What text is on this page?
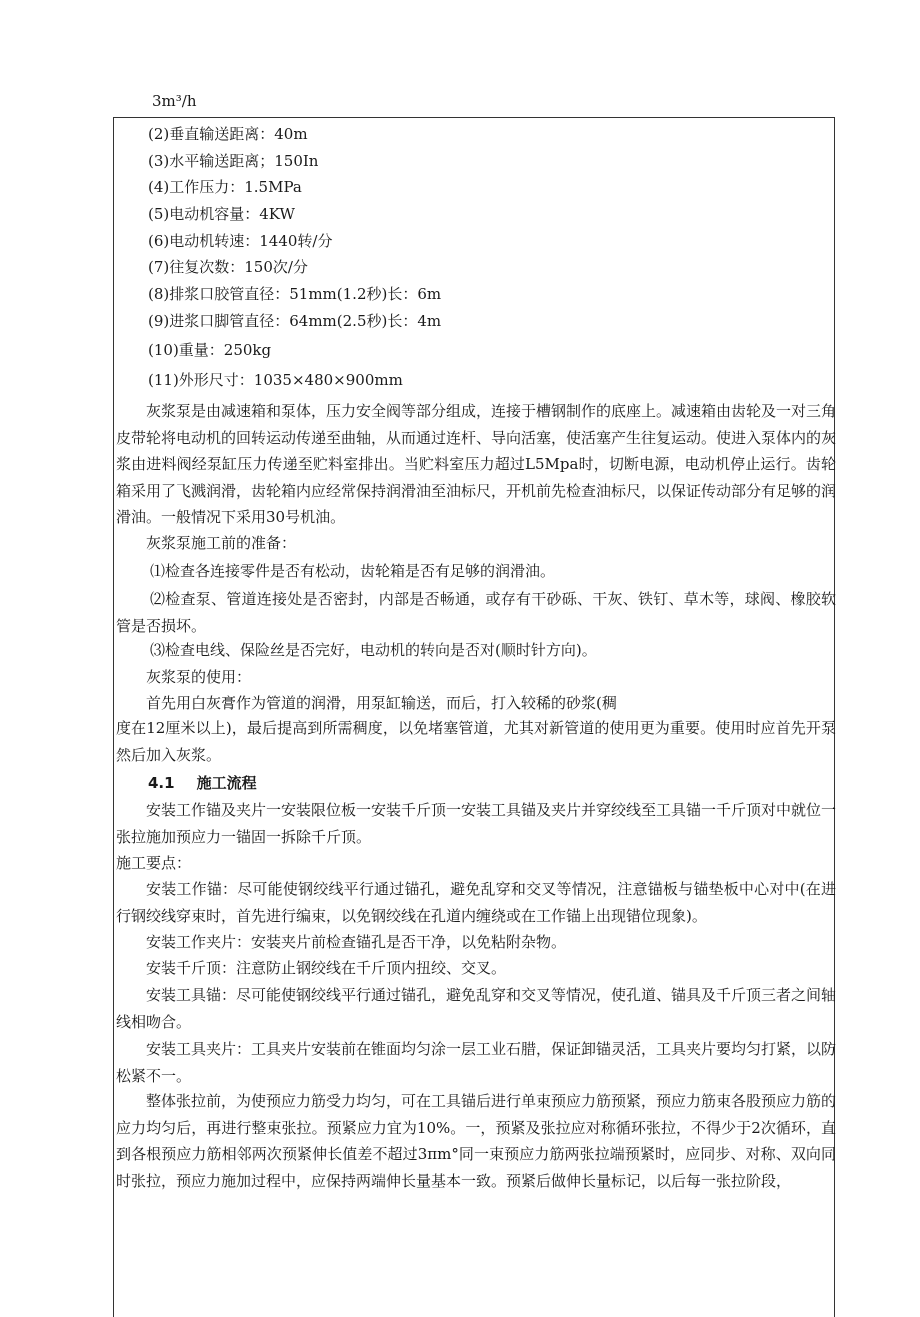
3m³/h
(2)垂直输送距离：40m
(3)水平输送距离；150In
(4)工作压力：1.5MPa
(5)电动机容量：4KW
(6)电动机转速：1440转/分
(7)往复次数：150次/分
(8)排浆口胶管直径：51mm(1.2秒)长：6m
(9)进浆口脚管直径：64mm(2.5秒)长：4m
(10)重量：250kg
(11)外形尺寸：1035×480×900mm
灰浆泵是由减速箱和泵体，压力安全阀等部分组成，连接于槽钢制作的底座上。减速箱由齿轮及一对三角皮带轮将电动机的回转运动传递至曲轴，从而通过连杆、导向活塞，使活塞产生往复运动。使进入泵体内的灰浆由进料阀经泵缸压力传递至贮料室排出。当贮料室压力超过L5Mpa时，切断电源，电动机停止运行。齿轮箱采用了飞溅润滑，齿轮箱内应经常保持润滑油至油标尺，开机前先检查油标尺，以保证传动部分有足够的润滑油。一般情况下采用30号机油。
灰浆泵施工前的准备：
⑴检查各连接零件是否有松动，齿轮箱是否有足够的润滑油。
⑵检查泵、管道连接处是否密封，内部是否畅通，或存有干砂砾、干灰、铁钉、草木等，球阀、橡胶软管是否损坏。
⑶检查电线、保险丝是否完好，电动机的转向是否对(顺时针方向)。
灰浆泵的使用：
首先用白灰膏作为管道的润滑，用泵缸输送，而后，打入较稀的砂浆(稠
度在12厘米以上)，最后提高到所需稠度，以免堵塞管道，尤其对新管道的使用更为重要。使用时应首先开泵然后加入灰浆。
4.1 施工流程
安装工作锚及夹片一安装限位板一安装千斤顶一安装工具锚及夹片并穿绞线至工具锚一千斤顶对中就位一张拉施加预应力一锚固一拆除千斤顶。
施工要点：
安装工作锚：尽可能使钢绞线平行通过锚孔，避免乱穿和交叉等情况，注意锚板与锚垫板中心对中(在进行钢绞线穿束时，首先进行编束，以免钢绞线在孔道内缠绕或在工作锚上出现错位现象)。
安装工作夹片：安装夹片前检查锚孔是否干净，以免粘附杂物。
安装千斤顶：注意防止钢绞线在千斤顶内扭绞、交叉。
安装工具锚：尽可能使钢绞线平行通过锚孔，避免乱穿和交叉等情况，使孔道、锚具及千斤顶三者之间轴线相吻合。
安装工具夹片：工具夹片安装前在锥面均匀涂一层工业石腊，保证卸锚灵活，工具夹片要均匀打紧，以防松紧不一。
整体张拉前，为使预应力筋受力均匀，可在工具锚后进行单束预应力筋预紧，预应力筋束各股预应力筋的应力均匀后，再进行整束张拉。预紧应力宜为10%。一，预紧及张拉应对称循环张拉，不得少于2次循环，直到各根预应力筋相邻两次预紧伸长值差不超过3πm°同一束预应力筋两张拉端预紧时，应同步、对称、双向同时张拉，预应力施加过程中，应保持两端伸长量基本一致。预紧后做伸长量标记，以后每一张拉阶段，
